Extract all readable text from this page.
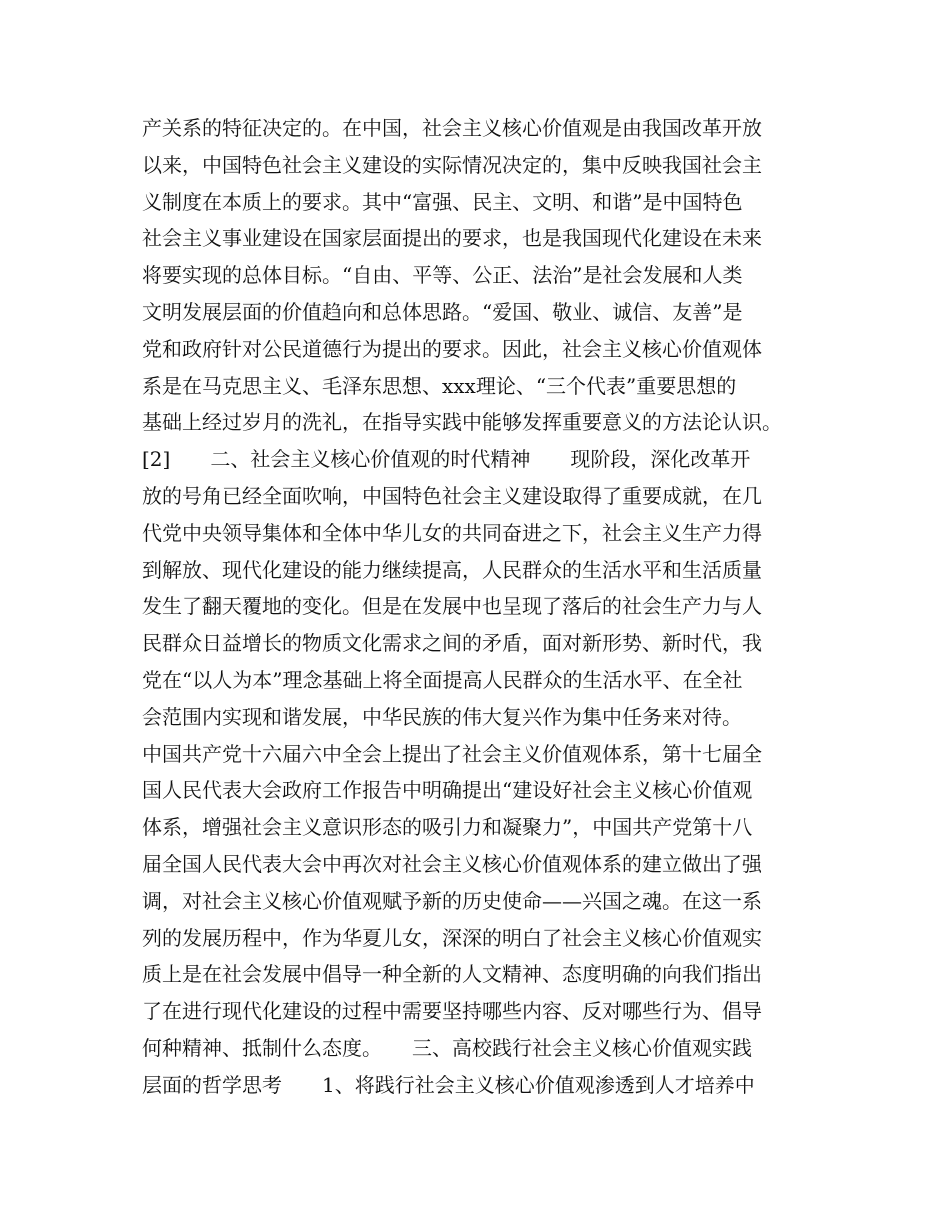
产关系的特征决定的。在中国，社会主义核心价值观是由我国改革开放
以来，中国特色社会主义建设的实际情况决定的，集中反映我国社会主
义制度在本质上的要求。其中“富强、民主、文明、和谐”是中国特色
社会主义事业建设在国家层面提出的要求，也是我国现代化建设在未来
将要实现的总体目标。“自由、平等、公正、法治”是社会发展和人类
文明发展层面的价值趋向和总体思路。“爱国、敬业、诚信、友善”是
党和政府针对公民道德行为提出的要求。因此，社会主义核心价值观体
系是在马克思主义、毛泽东思想、xxx理论、“三个代表”重要思想的
基础上经过岁月的洗礼，在指导实践中能够发挥重要意义的方法论认识。
[2]　　二、社会主义核心价值观的时代精神　　现阶段，深化改革开
放的号角已经全面吹响，中国特色社会主义建设取得了重要成就，在几
代党中央领导集体和全体中华儿女的共同奋进之下，社会主义生产力得
到解放、现代化建设的能力继续提高，人民群众的生活水平和生活质量
发生了翻天覆地的变化。但是在发展中也呈现了落后的社会生产力与人
民群众日益增长的物质文化需求之间的矛盾，面对新形势、新时代，我
党在“以人为本”理念基础上将全面提高人民群众的生活水平、在全社
会范围内实现和谐发展，中华民族的伟大复兴作为集中任务来对待。
中国共产党十六届六中全会上提出了社会主义价值观体系，第十七届全
国人民代表大会政府工作报告中明确提出“建设好社会主义核心价值观
体系，增强社会主义意识形态的吸引力和凝聚力”，中国共产党第十八
届全国人民代表大会中再次对社会主义核心价值观体系的建立做出了强
调，对社会主义核心价值观赋予新的历史使命——兴国之魂。在这一系
列的发展历程中，作为华夏儿女，深深的明白了社会主义核心价值观实
质上是在社会发展中倡导一种全新的人文精神、态度明确的向我们指出
了在进行现代化建设的过程中需要坚持哪些内容、反对哪些行为、倡导
何种精神、抵制什么态度。　　三、高校践行社会主义核心价值观实践
层面的哲学思考　　1、将践行社会主义核心价值观渗透到人才培养中
